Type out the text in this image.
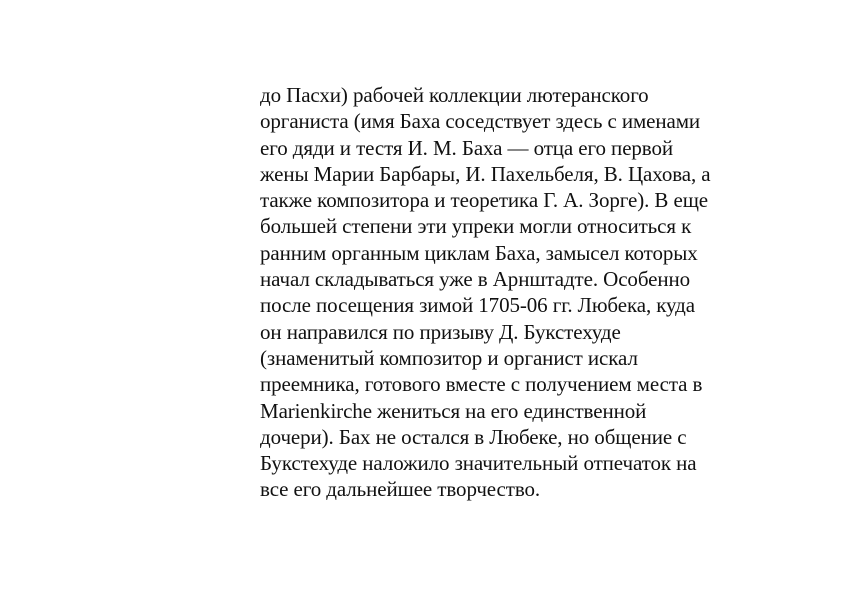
до Пасхи) рабочей коллекции лютеранского
органиста (имя Баха соседствует здесь с именами
его дяди и тестя И. М. Баха — отца его первой
жены Марии Барбары, И. Пахельбеля, В. Цахова, а
также композитора и теоретика Г. А. Зорге). В еще
большей степени эти упреки могли относиться к
ранним органным циклам Баха, замысел которых
начал складываться уже в Арнштадте. Особенно
после посещения зимой 1705-06 гг. Любека, куда
он направился по призыву Д. Букстехуде
(знаменитый композитор и органист искал
преемника, готового вместе с получением места в
Marienkirche жениться на его единственной
дочери). Бах не остался в Любеке, но общение с
Букстехуде наложило значительный отпечаток на
все его дальнейшее творчество.
